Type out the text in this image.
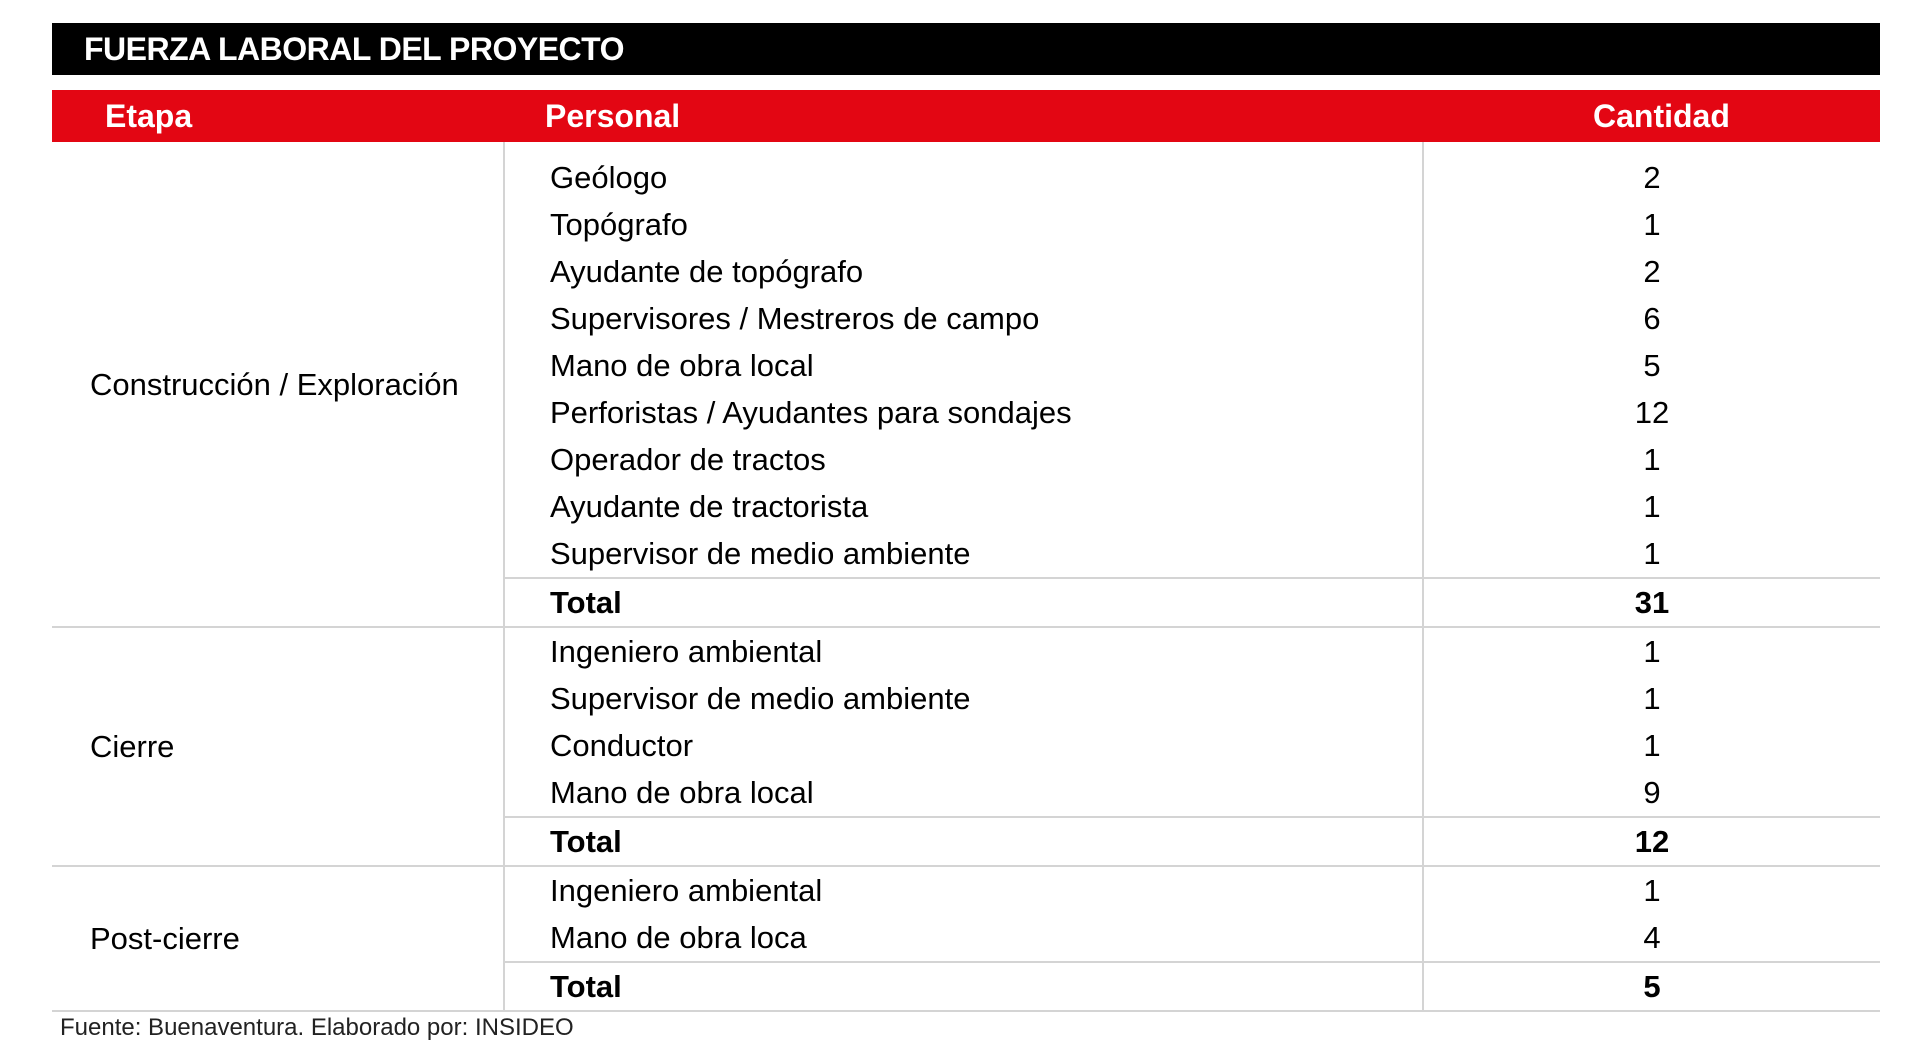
FUERZA LABORAL DEL PROYECTO
Etapa	Personal	Cantidad
Construcción / Exploración	Geólogo	2
	Topógrafo	1
	Ayudante de topógrafo	2
	Supervisores / Mestreros de campo	6
	Mano de obra local	5
	Perforistas / Ayudantes para sondajes	12
	Operador de tractos	1
	Ayudante de tractorista	1
	Supervisor de medio ambiente	1
	Total	31
Cierre	Ingeniero ambiental	1
	Supervisor de medio ambiente	1
	Conductor	1
	Mano de obra local	9
	Total	12
Post-cierre	Ingeniero ambiental	1
	Mano de obra loca	4
	Total	5
Fuente: Buenaventura. Elaborado por: INSIDEO
